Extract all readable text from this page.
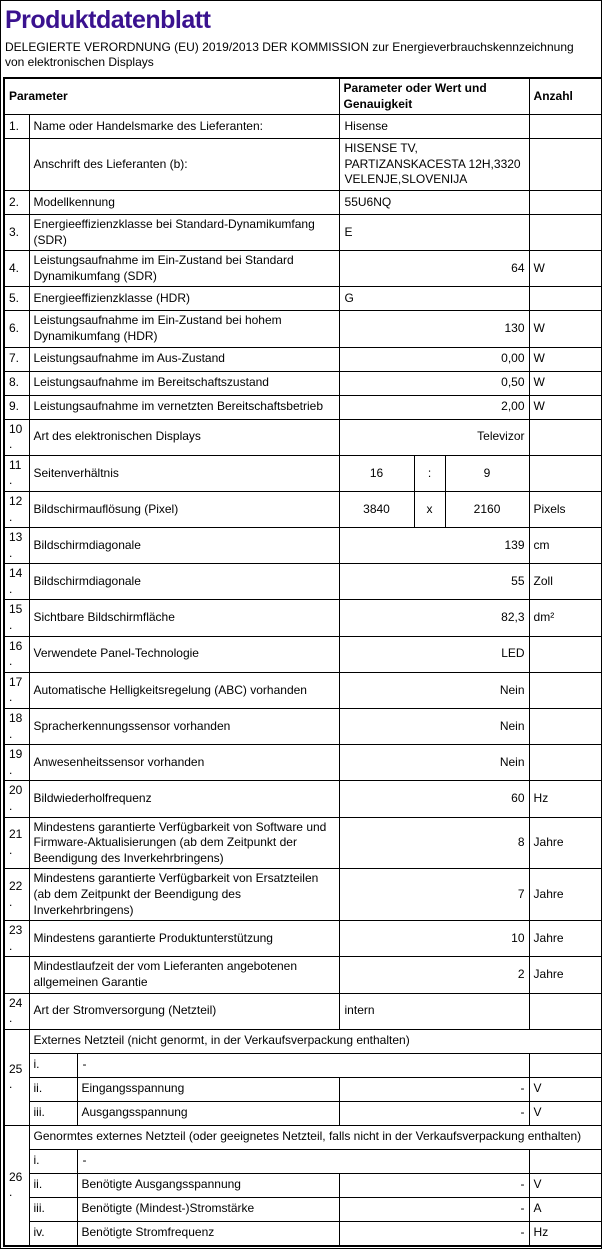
Produktdatenblatt
DELEGIERTE VERORDNUNG (EU) 2019/2013 DER KOMMISSION zur Energieverbrauchskennzeichnung von elektronischen Displays
Parameter			Parameter oder Wert und Genauigkeit			Anzahl
1.	Name oder Handelsmarke des Lieferanten:		Hisense			
	Anschrift des Lieferanten (b):		HISENSE TV, PARTIZANSKACESTA 12H,3320 VELENJE,SLOVENIJA			
2.	Modellkennung		55U6NQ			
3.	Energieeffizienzklasse bei Standard-Dynamikumfang (SDR)		E			
4.	Leistungsaufnahme im Ein-Zustand bei Standard Dynamikumfang (SDR)		64			W
5.	Energieeffizienzklasse (HDR)		G			
6.	Leistungsaufnahme im Ein-Zustand bei hohem Dynamikumfang (HDR)		130			W
7.	Leistungsaufnahme im Aus-Zustand		0,00			W
8.	Leistungsaufnahme im Bereitschaftszustand		0,50			W
9.	Leistungsaufnahme im vernetzten Bereitschaftsbetrieb		2,00			W
10.	Art des elektronischen Displays		Televizor			
11.	Seitenverhältnis		16	:	9	
12.	Bildschirmauflösung (Pixel)		3840	x	2160	Pixels
13.	Bildschirmdiagonale		139			cm
14.	Bildschirmdiagonale		55			Zoll
15.	Sichtbare Bildschirmfläche		82,3			dm²
16.	Verwendete Panel-Technologie		LED			
17.	Automatische Helligkeitsregelung (ABC) vorhanden		Nein			
18.	Spracherkennungssensor vorhanden		Nein			
19.	Anwesenheitssensor vorhanden		Nein			
20.	Bildwiederholfrequenz		60			Hz
21.	Mindestens garantierte Verfügbarkeit von Software und Firmware-Aktualisierungen (ab dem Zeitpunkt der Beendigung des Inverkehrbringens)		8			Jahre
22.	Mindestens garantierte Verfügbarkeit von Ersatzteilen (ab dem Zeitpunkt der Beendigung des Inverkehrbringens)		7			Jahre
23.	Mindestens garantierte Produktunterstützung		10			Jahre
	Mindestlaufzeit der vom Lieferanten angebotenen allgemeinen Garantie		2			Jahre
24.	Art der Stromversorgung (Netzteil)		intern			
25.	Externes Netzteil (nicht genormt, in der Verkaufsverpackung enthalten)					
	i.	-				
	ii.	Eingangsspannung	-			V
	iii.	Ausgangsspannung	-			V
26.	Genormtes externes Netzteil (oder geeignetes Netzteil, falls nicht in der Verkaufsverpackung enthalten)					
	i.	-				
	ii.	Benötigte Ausgangsspannung	-			V
	iii.	Benötigte (Mindest-)Stromstärke	-			A
	iv.	Benötigte Stromfrequenz	-			Hz
